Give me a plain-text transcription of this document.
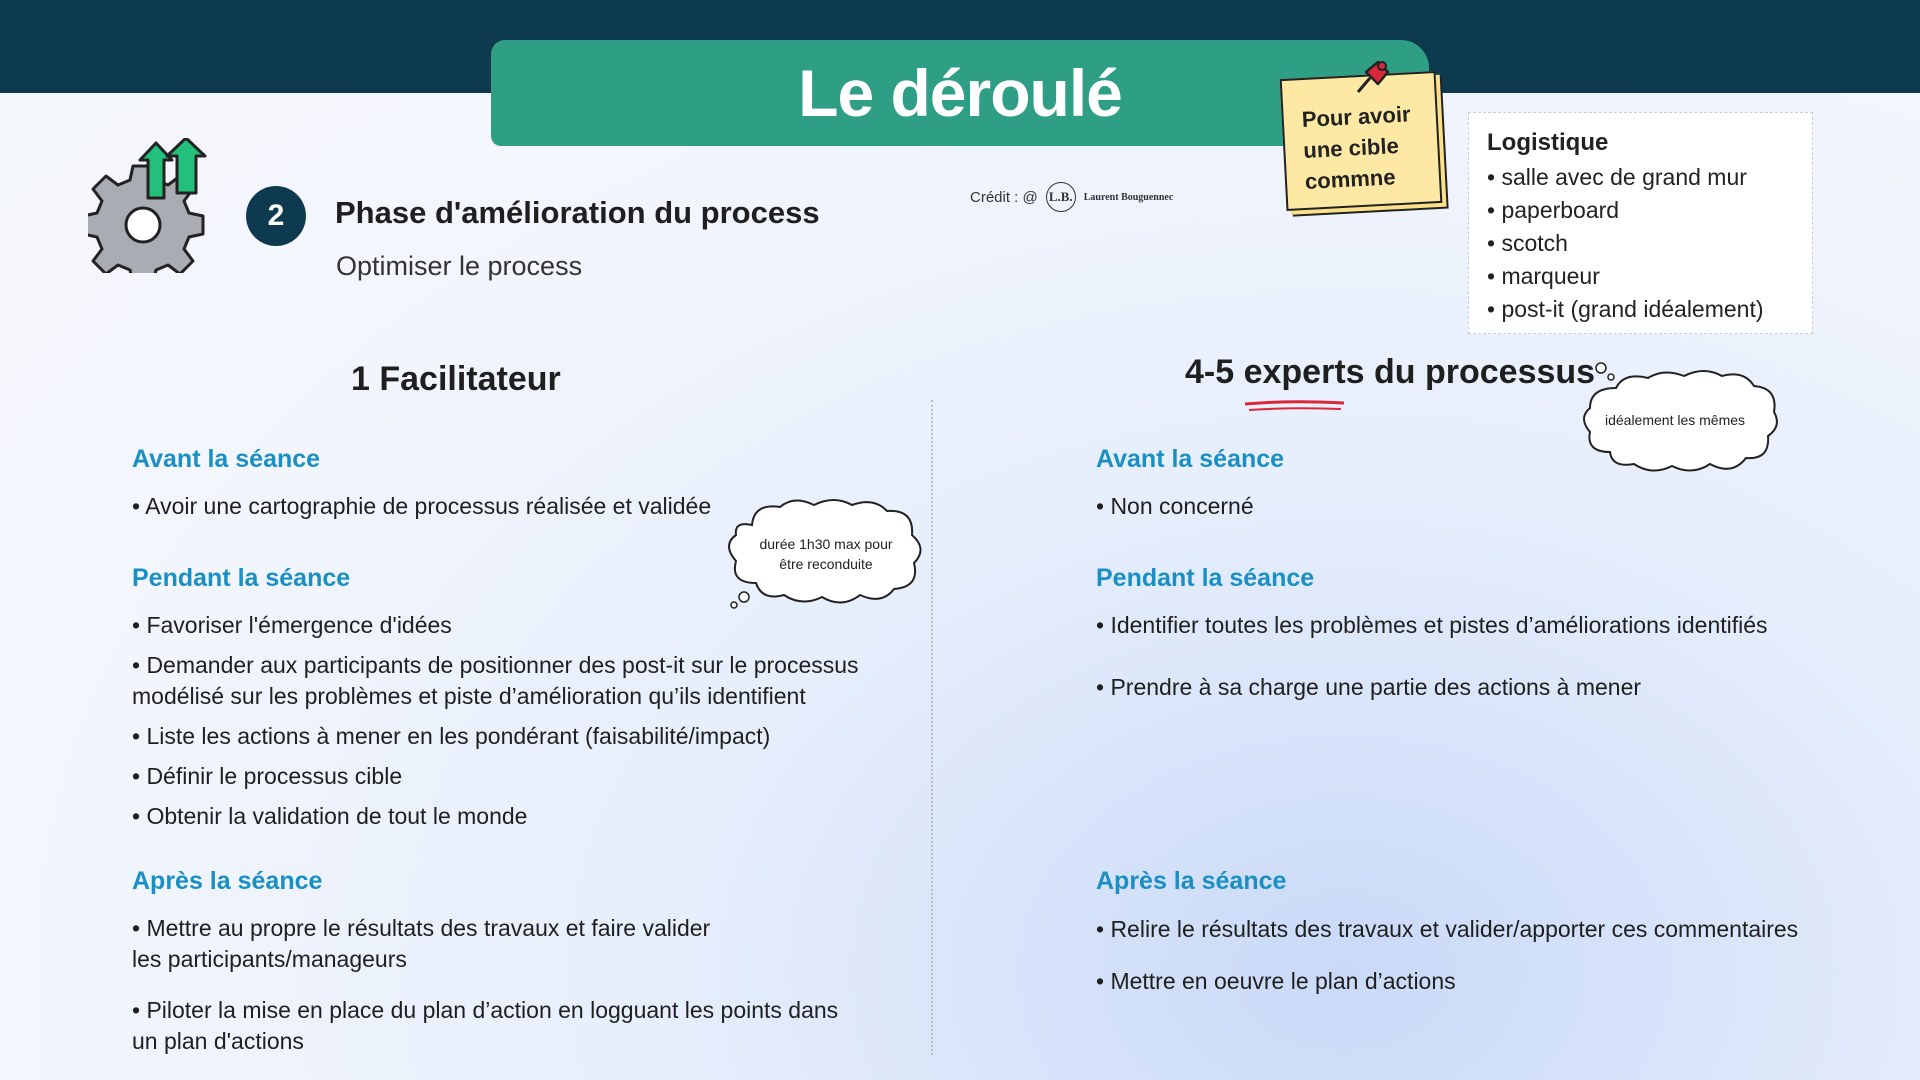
Le déroulé
2	Phase d'amélioration du process
Optimiser le process
Crédit : @ L.B.	Laurent Bouguennec
Pour avoir
une cible
commne
Logistique
• salle avec de grand mur
• paperboard
• scotch
• marqueur
• post-it (grand idéalement)
1 Facilitateur	4-5 experts du processus
Avant la séance
• Avoir une cartographie de processus réalisée et validée
durée 1h30 max pour
être reconduite
Pendant la séance
• Favoriser l'émergence d'idées
• Demander aux participants de positionner des post-it sur le processus modélisé sur les problèmes et piste d’amélioration qu’ils identifient
• Liste les actions à mener en les pondérant (faisabilité/impact)
• Définir le processus cible
• Obtenir la validation de tout le monde
Après la séance
• Mettre au propre le résultats des travaux et faire valider les participants/manageurs
• Piloter la mise en place du plan d’action en logguant les points dans un plan d'actions
idéalement les mêmes
Avant la séance
• Non concerné
Pendant la séance
• Identifier toutes les problèmes et pistes d’améliorations identifiés
• Prendre à sa charge une partie des actions à mener
Après la séance
• Relire le résultats des travaux et valider/apporter ces commentaires
• Mettre en oeuvre le plan d’actions
